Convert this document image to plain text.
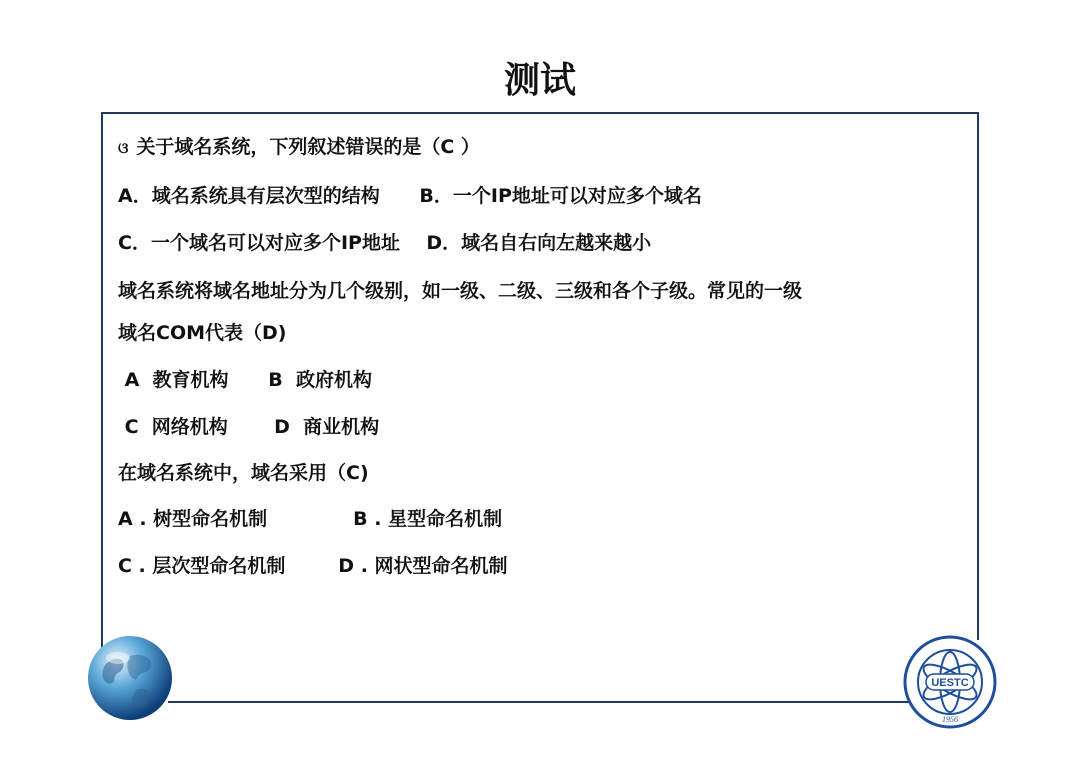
测试
ଓ 关于域名系统，下列叙述错误的是（C ）
A．域名系统具有层次型的结构      B．一个IP地址可以对应多个域名
C．一个域名可以对应多个IP地址    D．域名自右向左越来越小
域名系统将域名地址分为几个级别，如一级、二级、三级和各个子级。常见的一级
域名COM代表（D)
A  教育机构      B  政府机构
C  网络机构       D  商业机构
在域名系统中，域名采用（C)
A . 树型命名机制             B . 星型命名机制
C . 层次型命名机制        D . 网状型命名机制
UESTC
1956
